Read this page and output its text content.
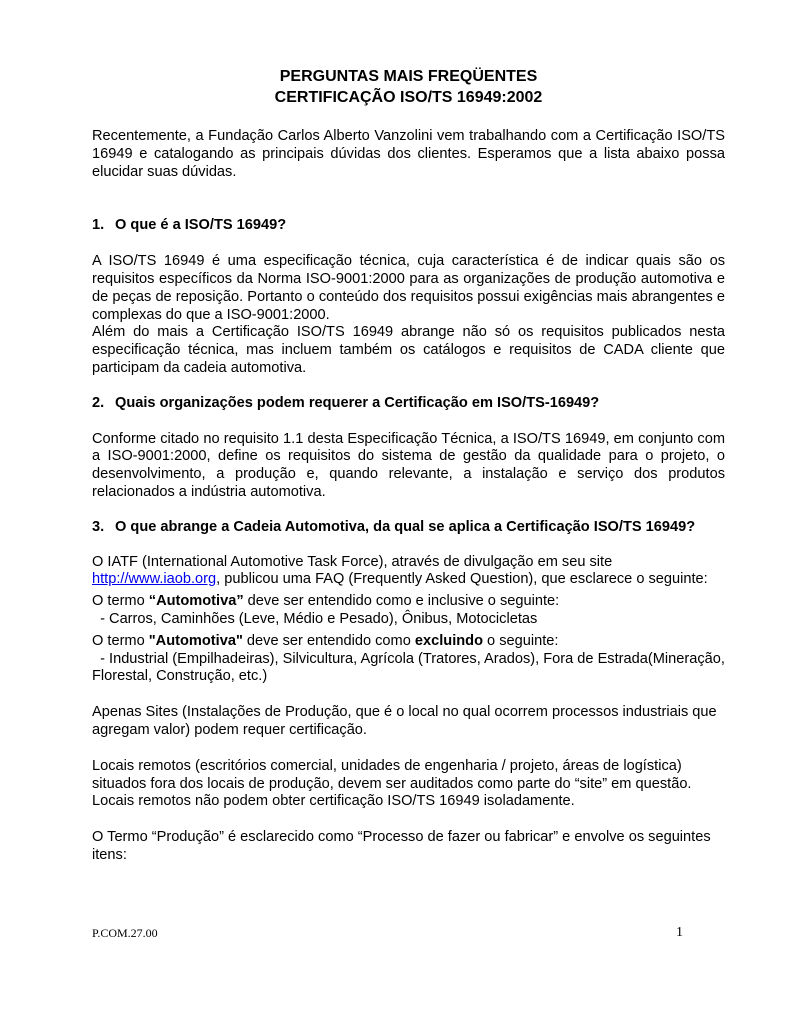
PERGUNTAS MAIS FREQÜENTES

CERTIFICAÇÃO ISO/TS 16949:2002

Recentemente, a Fundação Carlos Alberto Vanzolini vem trabalhando com a Certificação ISO/TS 16949 e catalogando as principais dúvidas dos clientes. Esperamos que a lista abaixo possa elucidar suas dúvidas.

1. O que é a ISO/TS 16949?

A ISO/TS 16949 é uma especificação técnica, cuja característica é de indicar quais são os requisitos específicos da Norma ISO-9001:2000 para as organizações de produção automotiva e de peças de reposição. Portanto o conteúdo dos requisitos possui exigências mais abrangentes e complexas do que a ISO-9001:2000.

Além do mais a Certificação ISO/TS 16949 abrange não só os requisitos publicados nesta especificação técnica, mas incluem também os catálogos e requisitos de CADA cliente que participam da cadeia automotiva.

2. Quais organizações podem requerer a Certificação em ISO/TS-16949?

Conforme citado no requisito 1.1 desta Especificação Técnica, a ISO/TS 16949, em conjunto com a ISO-9001:2000, define os requisitos do sistema de gestão da qualidade para o projeto, o desenvolvimento, a produção e, quando relevante, a instalação e serviço dos produtos relacionados a indústria automotiva.

3. O que abrange a Cadeia Automotiva, da qual se aplica a Certificação ISO/TS 16949?

O IATF (International Automotive Task Force), através de divulgação em seu site http://www.iaob.org, publicou uma FAQ (Frequently Asked Question), que esclarece o seguinte:

O termo “Automotiva” deve ser entendido como e inclusive o seguinte:

- Carros, Caminhões (Leve, Médio e Pesado), Ônibus, Motocicletas

O termo "Automotiva" deve ser entendido como excluindo o seguinte:

- Industrial (Empilhadeiras), Silvicultura, Agrícola (Tratores, Arados), Fora de Estrada(Mineração, Florestal, Construção, etc.)

Apenas Sites (Instalações de Produção, que é o local no qual ocorrem processos industriais que agregam valor) podem requer certificação.

Locais remotos (escritórios comercial, unidades de engenharia / projeto, áreas de logística) situados fora dos locais de produção, devem ser auditados como parte do “site” em questão.

Locais remotos não podem obter certificação ISO/TS 16949 isoladamente.

O Termo “Produção” é esclarecido como “Processo de fazer ou fabricar” e envolve os seguintes itens:

P.COM.27.00	1
